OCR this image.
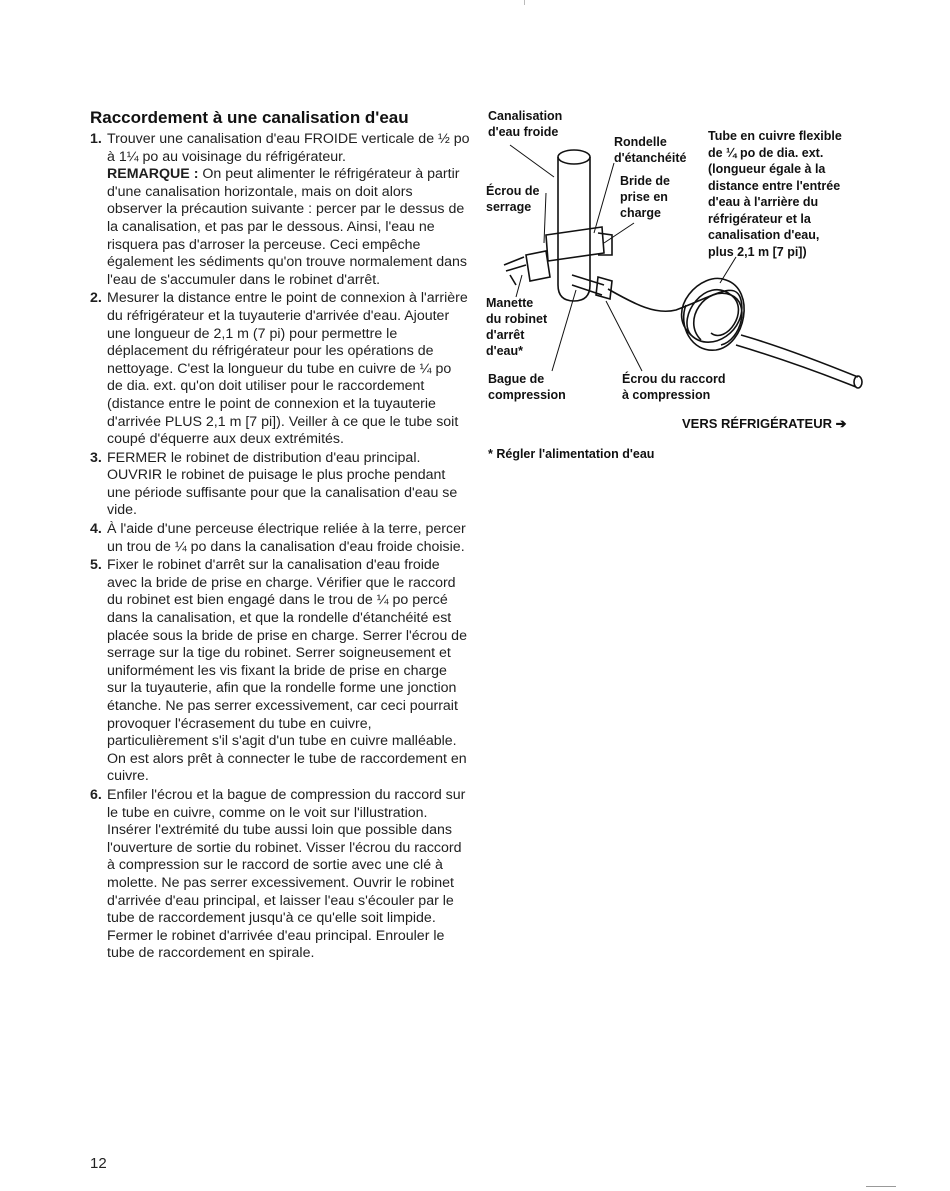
Raccordement à une canalisation d'eau
1. Trouver une canalisation d'eau FROIDE verticale de ½ po à 1¼ po au voisinage du réfrigérateur.
REMARQUE : On peut alimenter le réfrigérateur à partir d'une canalisation horizontale, mais on doit alors observer la précaution suivante : percer par le dessus de la canalisation, et pas par le dessous. Ainsi, l'eau ne risquera pas d'arroser la perceuse. Ceci empêche également les sédiments qu'on trouve normalement dans l'eau de s'accumuler dans le robinet d'arrêt.
2. Mesurer la distance entre le point de connexion à l'arrière du réfrigérateur et la tuyauterie d'arrivée d'eau. Ajouter une longueur de 2,1 m (7 pi) pour permettre le déplacement du réfrigérateur pour les opérations de nettoyage. C'est la longueur du tube en cuivre de ¼ po de dia. ext. qu'on doit utiliser pour le raccordement (distance entre le point de connexion et la tuyauterie d'arrivée PLUS 2,1 m [7 pi]). Veiller à ce que le tube soit coupé d'équerre aux deux extrémités.
3. FERMER le robinet de distribution d'eau principal. OUVRIR le robinet de puisage le plus proche pendant une période suffisante pour que la canalisation d'eau se vide.
4. À l'aide d'une perceuse électrique reliée à la terre, percer un trou de ¼ po dans la canalisation d'eau froide choisie.
5. Fixer le robinet d'arrêt sur la canalisation d'eau froide avec la bride de prise en charge. Vérifier que le raccord du robinet est bien engagé dans le trou de ¼ po percé dans la canalisation, et que la rondelle d'étanchéité est placée sous la bride de prise en charge. Serrer l'écrou de serrage sur la tige du robinet. Serrer soigneusement et uniformément les vis fixant la bride de prise en charge sur la tuyauterie, afin que la rondelle forme une jonction étanche. Ne pas serrer excessivement, car ceci pourrait provoquer l'écrasement du tube en cuivre, particulièrement s'il s'agit d'un tube en cuivre malléable. On est alors prêt à connecter le tube de raccordement en cuivre.
6. Enfiler l'écrou et la bague de compression du raccord sur le tube en cuivre, comme on le voit sur l'illustration. Insérer l'extrémité du tube aussi loin que possible dans l'ouverture de sortie du robinet. Visser l'écrou du raccord à compression sur le raccord de sortie avec une clé à molette. Ne pas serrer excessivement. Ouvrir le robinet d'arrivée d'eau principal, et laisser l'eau s'écouler par le tube de raccordement jusqu'à ce qu'elle soit limpide. Fermer le robinet d'arrivée d'eau principal. Enrouler le tube de raccordement en spirale.
Canalisation
d'eau froide
Rondelle
d'étanchéité
Tube en cuivre flexible
de ¼ po de dia. ext.
(longueur égale à la
distance entre l'entrée
d'eau à l'arrière du
réfrigérateur et la
canalisation d'eau,
plus 2,1 m [7 pi])
Écrou de
serrage
Bride de
prise en
charge
Manette
du robinet
d'arrêt
d'eau*
Bague de
compression
Écrou du raccord
à compression
VERS RÉFRIGÉRATEUR ➔
* Régler l'alimentation d'eau
12
